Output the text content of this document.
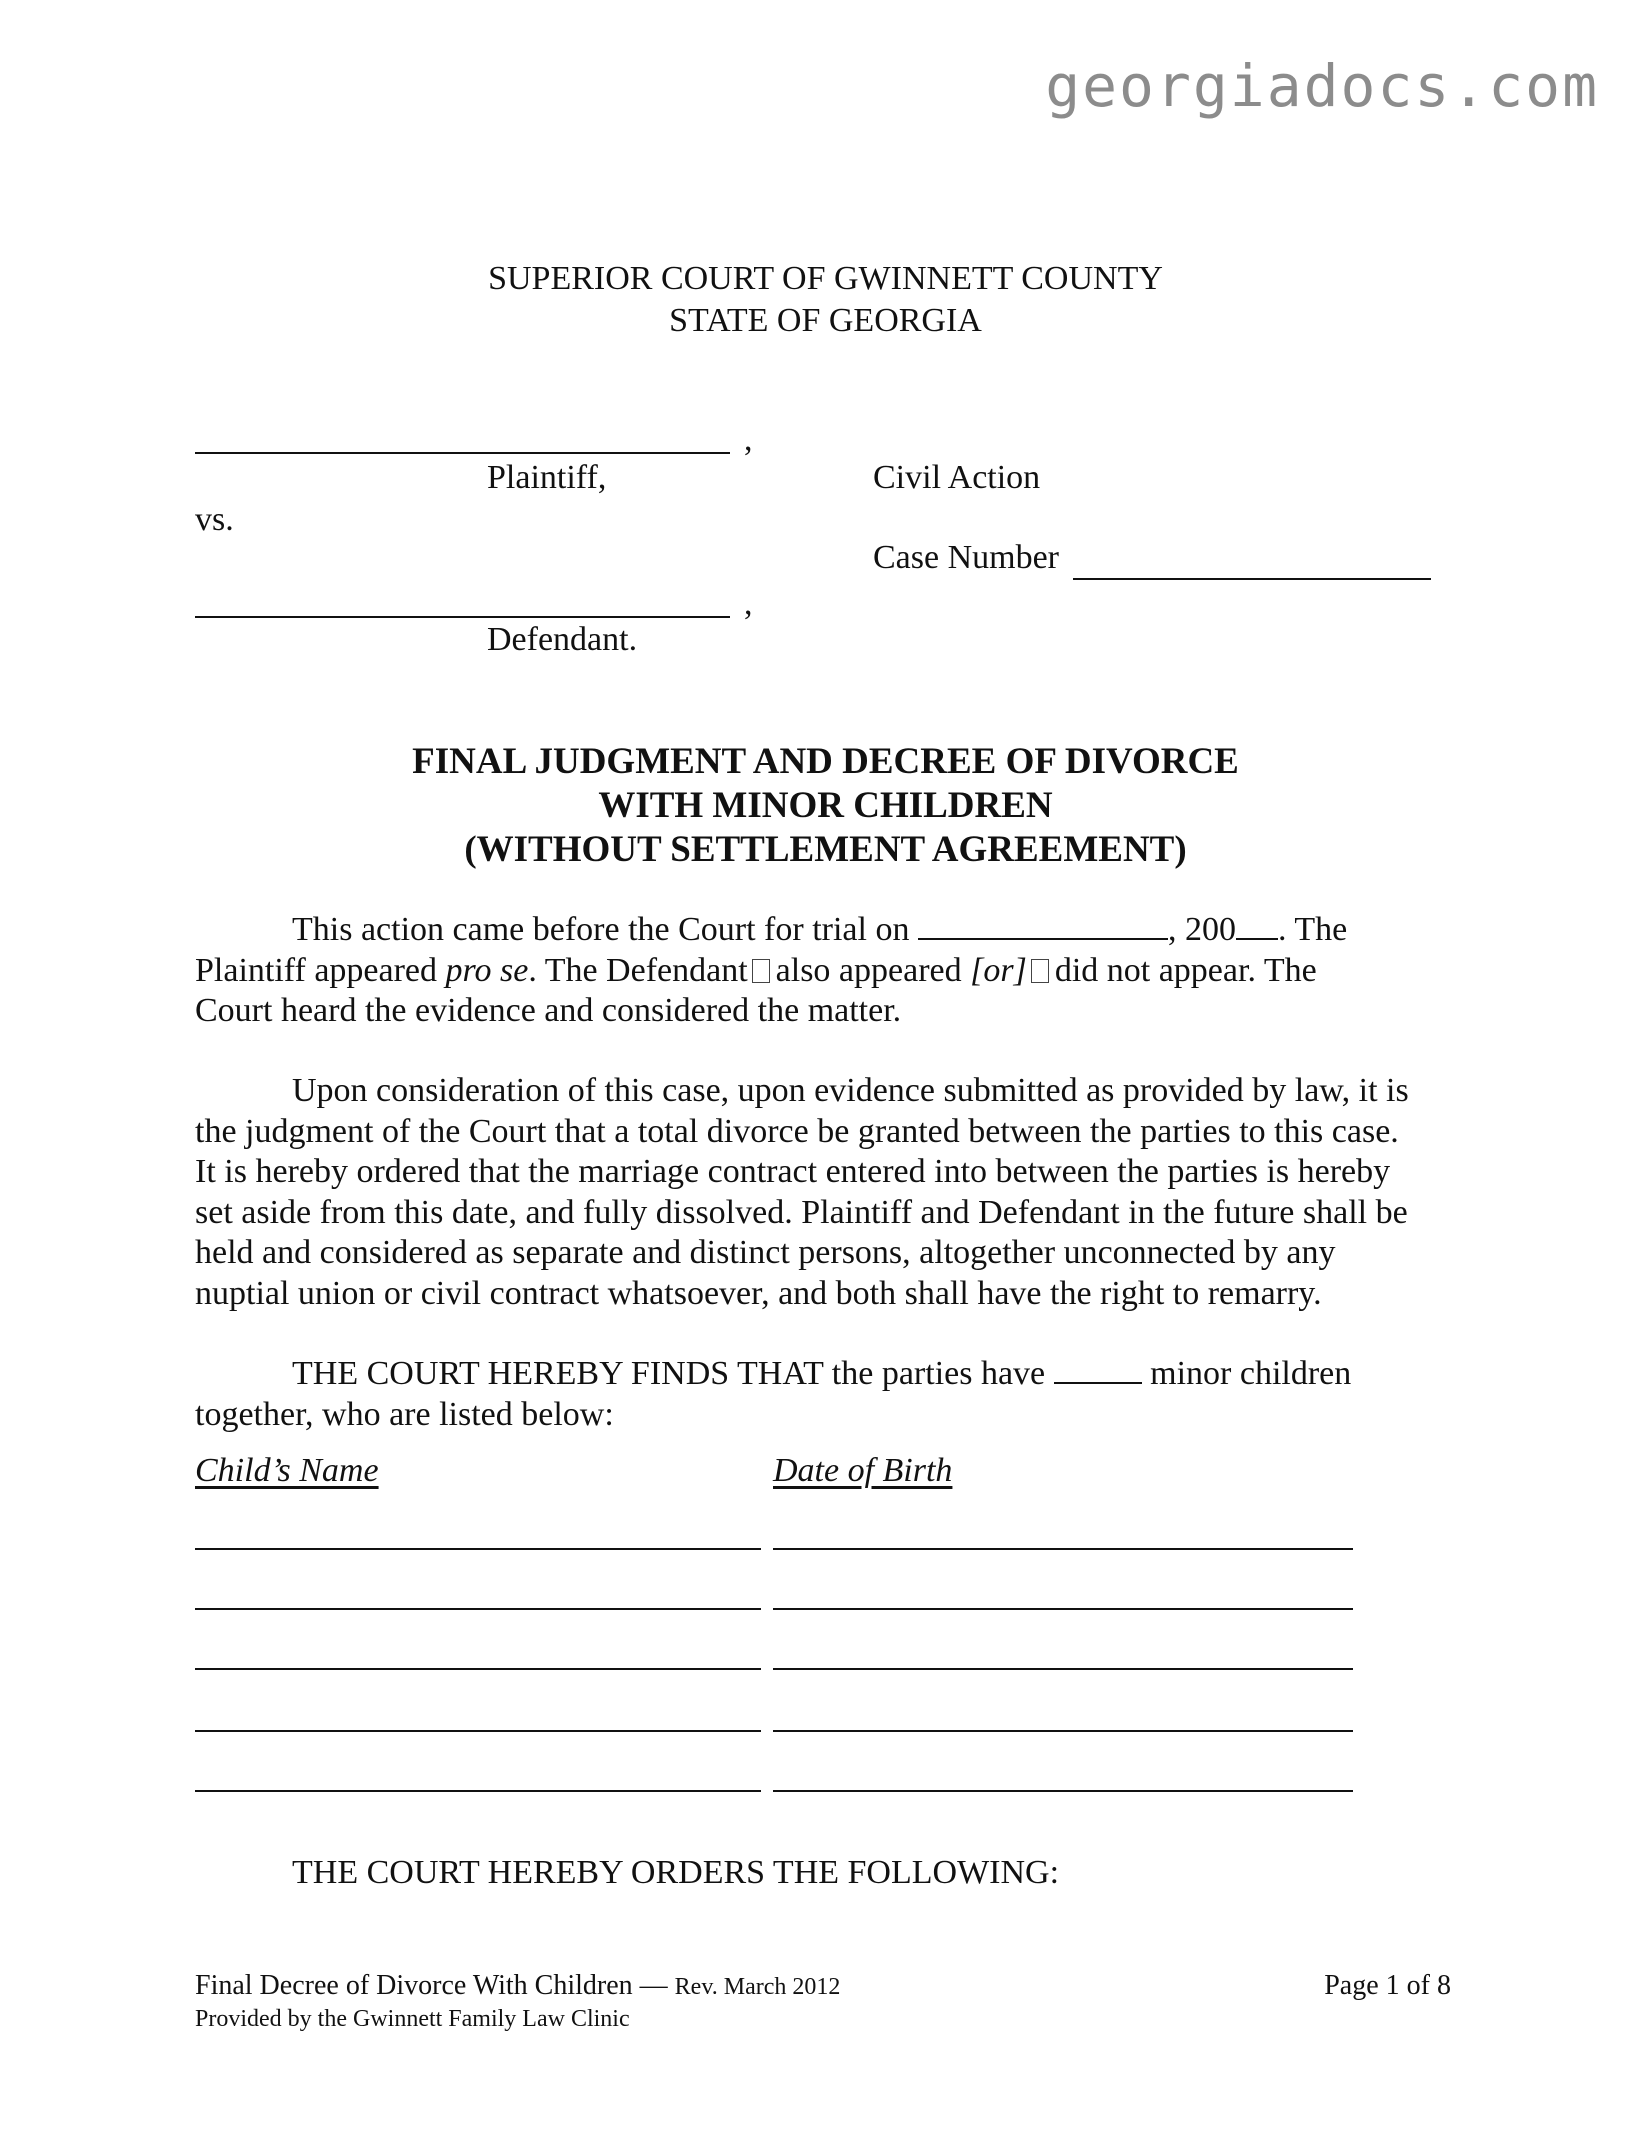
georgiadocs.com
SUPERIOR COURT OF GWINNETT COUNTY
STATE OF GEORGIA
,
Plaintiff,	Civil Action
vs.
Case Number
,
Defendant.
FINAL JUDGMENT AND DECREE OF DIVORCE
WITH MINOR CHILDREN
(WITHOUT SETTLEMENT AGREEMENT)
This action came before the Court for trial on	, 200 . The
Plaintiff appeared pro se. The Defendant also appeared [or] did not appear. The
Court heard the evidence and considered the matter.
Upon consideration of this case, upon evidence submitted as provided by law, it is
the judgment of the Court that a total divorce be granted between the parties to this case.
It is hereby ordered that the marriage contract entered into between the parties is hereby
set aside from this date, and fully dissolved. Plaintiff and Defendant in the future shall be
held and considered as separate and distinct persons, altogether unconnected by any
nuptial union or civil contract whatsoever, and both shall have the right to remarry.
THE COURT HEREBY FINDS THAT the parties have	minor children
together, who are listed below:
Child’s Name	Date of Birth
THE COURT HEREBY ORDERS THE FOLLOWING:
Final Decree of Divorce With Children — Rev. March 2012
Provided by the Gwinnett Family Law Clinic
Page 1 of 8
